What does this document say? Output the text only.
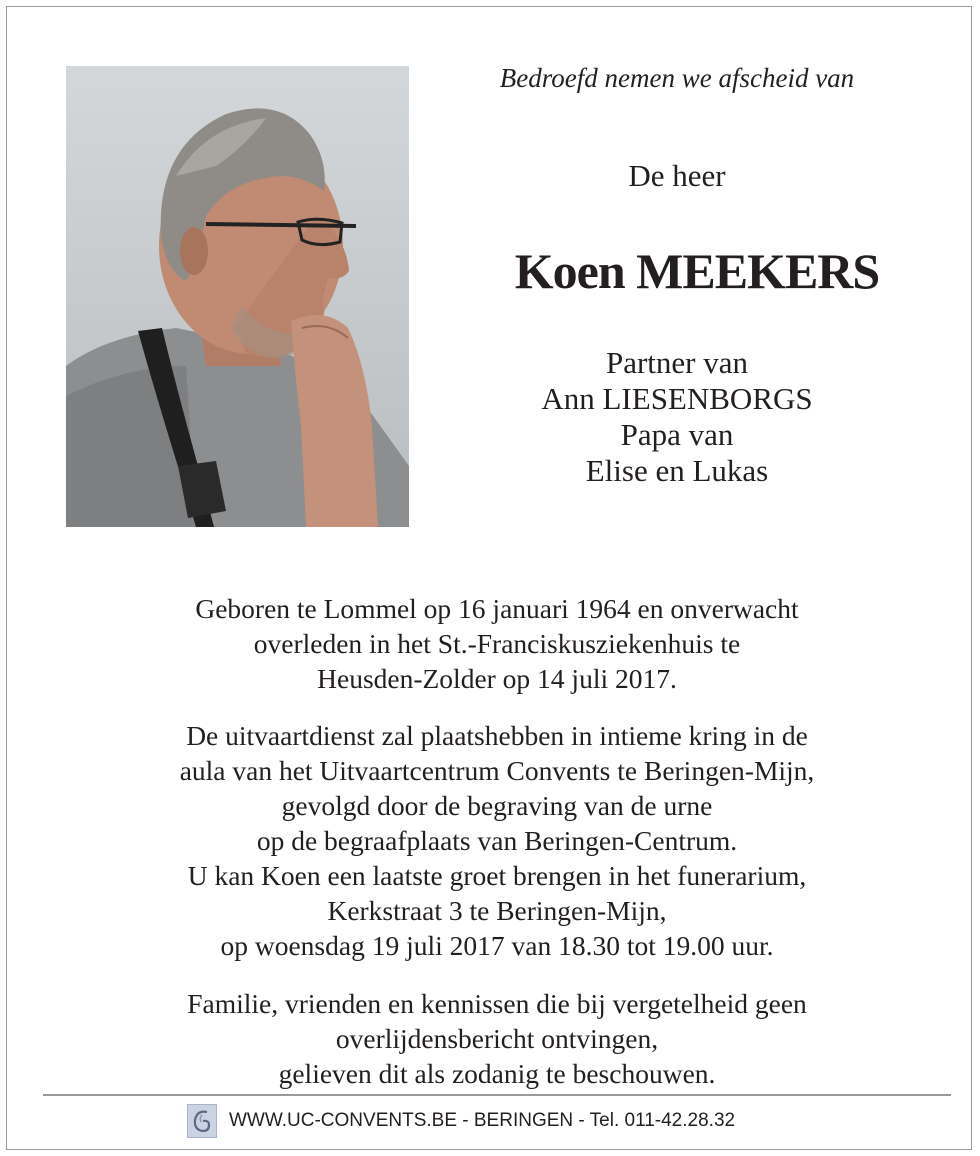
Bedroefd nemen we afscheid van
De heer
Koen MEEKERS
Partner van
Ann LIESENBORGS
Papa van
Elise en Lukas
Geboren te Lommel op 16 januari 1964 en onverwacht
overleden in het St.-Franciskusziekenhuis te
Heusden-Zolder op 14 juli 2017.
De uitvaartdienst zal plaatshebben in intieme kring in de
aula van het Uitvaartcentrum Convents te Beringen-Mijn,
gevolgd door de begraving van de urne
op de begraafplaats van Beringen-Centrum.
U kan Koen een laatste groet brengen in het funerarium,
Kerkstraat 3 te Beringen-Mijn,
op woensdag 19 juli 2017 van 18.30 tot 19.00 uur.
Familie, vrienden en kennissen die bij vergetelheid geen
overlijdensbericht ontvingen,
gelieven dit als zodanig te beschouwen.
WWW.UC-CONVENTS.BE - BERINGEN - Tel. 011-42.28.32
